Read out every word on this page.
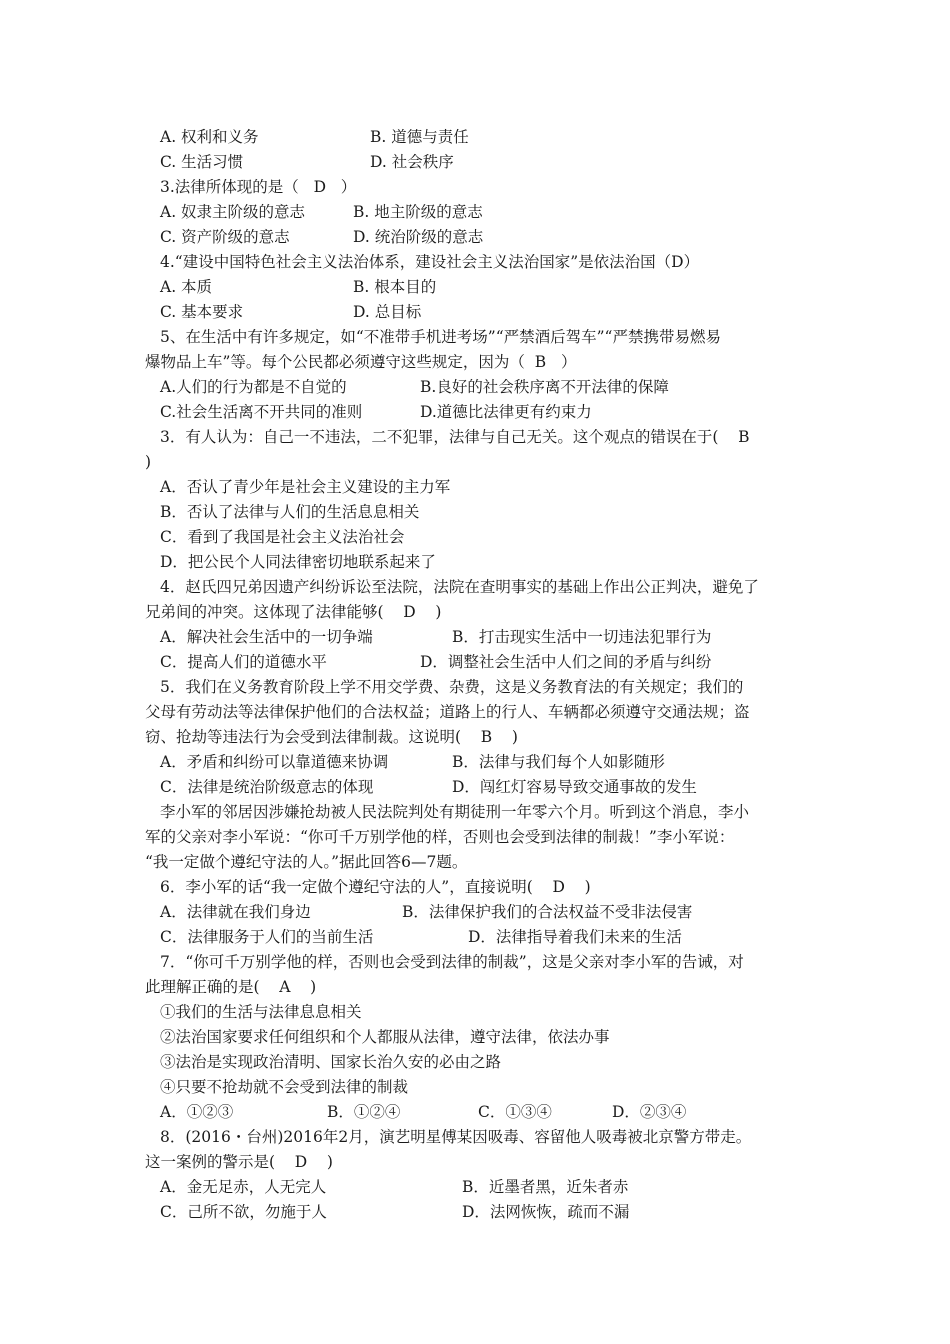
A. 权利和义务	B. 道德与责任
C. 生活习惯	D. 社会秩序
3.法律所体现的是（   D   ）
A. 奴隶主阶级的意志	B. 地主阶级的意志
C. 资产阶级的意志	D. 统治阶级的意志
4.“建设中国特色社会主义法治体系，建设社会主义法治国家”是依法治国（D）
A. 本质	B. 根本目的
C. 基本要求	D. 总目标
5、在生活中有许多规定，如“不准带手机进考场”“严禁酒后驾车”“严禁携带易燃易
爆物品上车”等。每个公民都必须遵守这些规定，因为（  B   ）
A.人们的行为都是不自觉的	B.良好的社会秩序离不开法律的保障
C.社会生活离不开共同的准则	D.道德比法律更有约束力
3．有人认为：自己一不违法，二不犯罪，法律与自己无关。这个观点的错误在于(    B
)
A．否认了青少年是社会主义建设的主力军
B．否认了法律与人们的生活息息相关
C．看到了我国是社会主义法治社会
D．把公民个人同法律密切地联系起来了
4．赵氏四兄弟因遗产纠纷诉讼至法院，法院在查明事实的基础上作出公正判决，避免了
兄弟间的冲突。这体现了法律能够(    D    )
A．解决社会生活中的一切争端	B．打击现实生活中一切违法犯罪行为
C．提高人们的道德水平	D．调整社会生活中人们之间的矛盾与纠纷
5．我们在义务教育阶段上学不用交学费、杂费，这是义务教育法的有关规定；我们的
父母有劳动法等法律保护他们的合法权益；道路上的行人、车辆都必须遵守交通法规；盗
窃、抢劫等违法行为会受到法律制裁。这说明(    B    )
A．矛盾和纠纷可以靠道德来协调	B．法律与我们每个人如影随形
C．法律是统治阶级意志的体现	D．闯红灯容易导致交通事故的发生
李小军的邻居因涉嫌抢劫被人民法院判处有期徒刑一年零六个月。听到这个消息，李小
军的父亲对李小军说：“你可千万别学他的样，否则也会受到法律的制裁！”李小军说：
“我一定做个遵纪守法的人。”据此回答6—7题。
6．李小军的话“我一定做个遵纪守法的人”，直接说明(    D    )
A．法律就在我们身边	B．法律保护我们的合法权益不受非法侵害
C．法律服务于人们的当前生活	D．法律指导着我们未来的生活
7．“你可千万别学他的样，否则也会受到法律的制裁”，这是父亲对李小军的告诫，对
此理解正确的是(    A    )
①我们的生活与法律息息相关
②法治国家要求任何组织和个人都服从法律，遵守法律，依法办事
③法治是实现政治清明、国家长治久安的必由之路
④只要不抢劫就不会受到法律的制裁
A．①②③	B．①②④	C．①③④	D．②③④
8．(2016・台州)2016年2月，演艺明星傅某因吸毒、容留他人吸毒被北京警方带走。
这一案例的警示是(    D    )
A．金无足赤，人无完人	B．近墨者黑，近朱者赤
C．己所不欲，勿施于人	D．法网恢恢，疏而不漏
